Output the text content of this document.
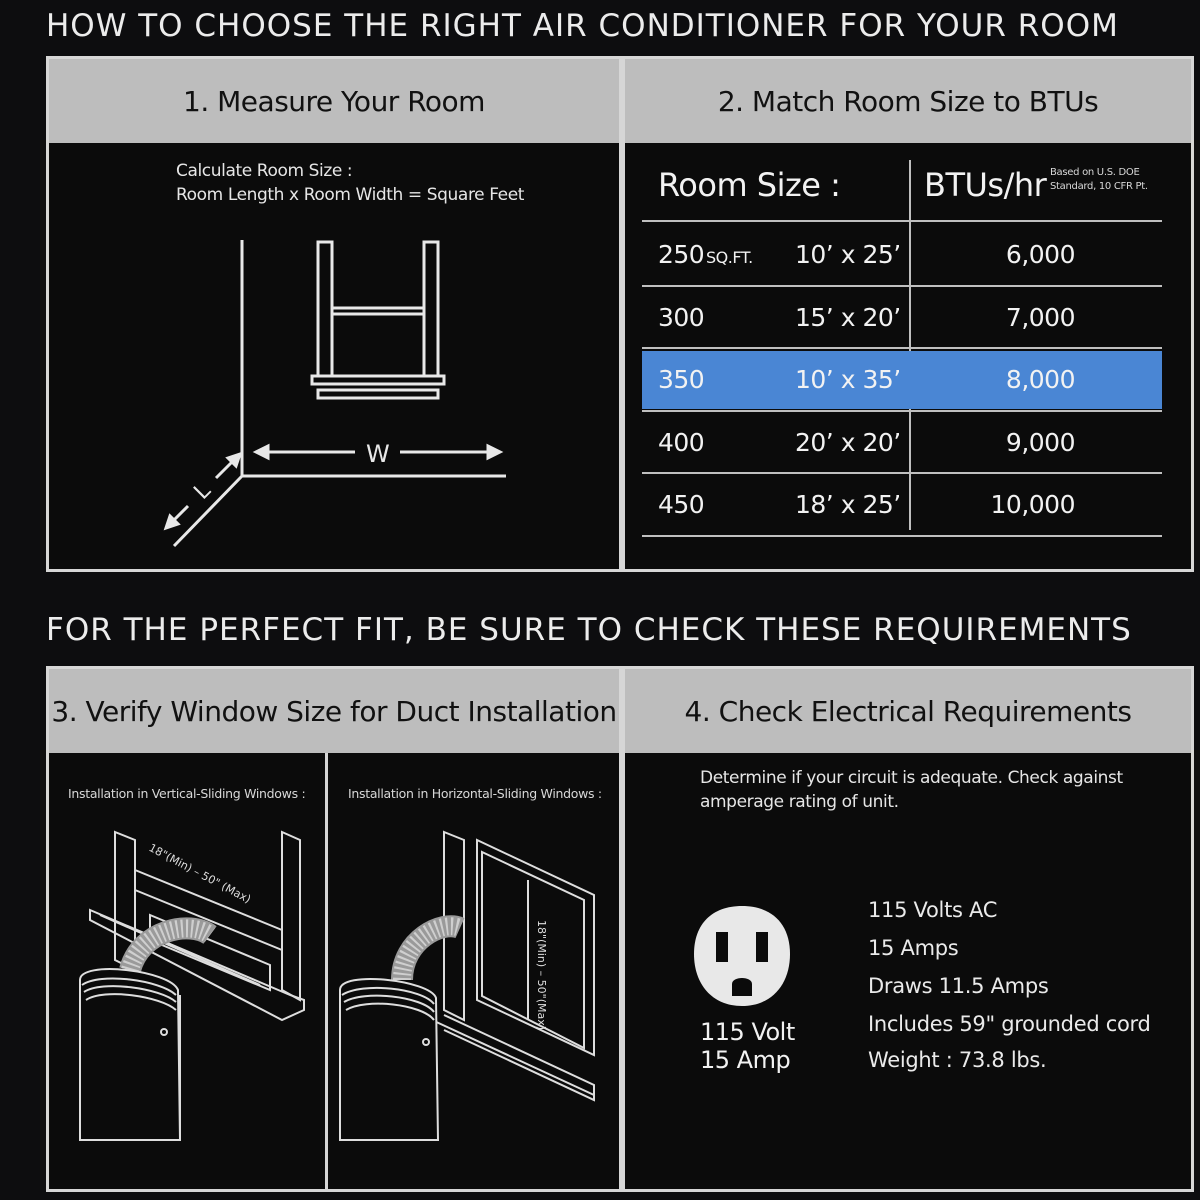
HOW TO CHOOSE THE RIGHT AIR CONDITIONER FOR YOUR ROOM
FOR THE PERFECT FIT, BE SURE TO CHECK THESE REQUIREMENTS
1. Measure Your Room	2. Match Room Size to BTUs
Calculate Room Size :
Room Length x Room Width = Square Feet
W
L
Room Size :	BTUs/hr Based on U.S. DOE
Standard, 10 CFR Pt.
3. Verify Window Size for Duct Installation 4. Check Electrical Requirements
Installation in Vertical-Sliding Windows :	Installation in Horizontal-Sliding Windows :
18"(Min) – 50" (Max)
18"(Min) – 50"(Max)
Determine if your circuit is adequate. Check against
amperage rating of unit.
115 Volt
15 Amp
115 Volts AC
15 Amps
Draws 11.5 Amps
Includes 59" grounded cord
Weight : 73.8 lbs.
250 SQ.FT. 10’ x 25’	6,000
300	15’ x 20’	7,000
350	10’ x 35’	8,000
400	20’ x 20’	9,000
450	18’ x 25’	10,000
